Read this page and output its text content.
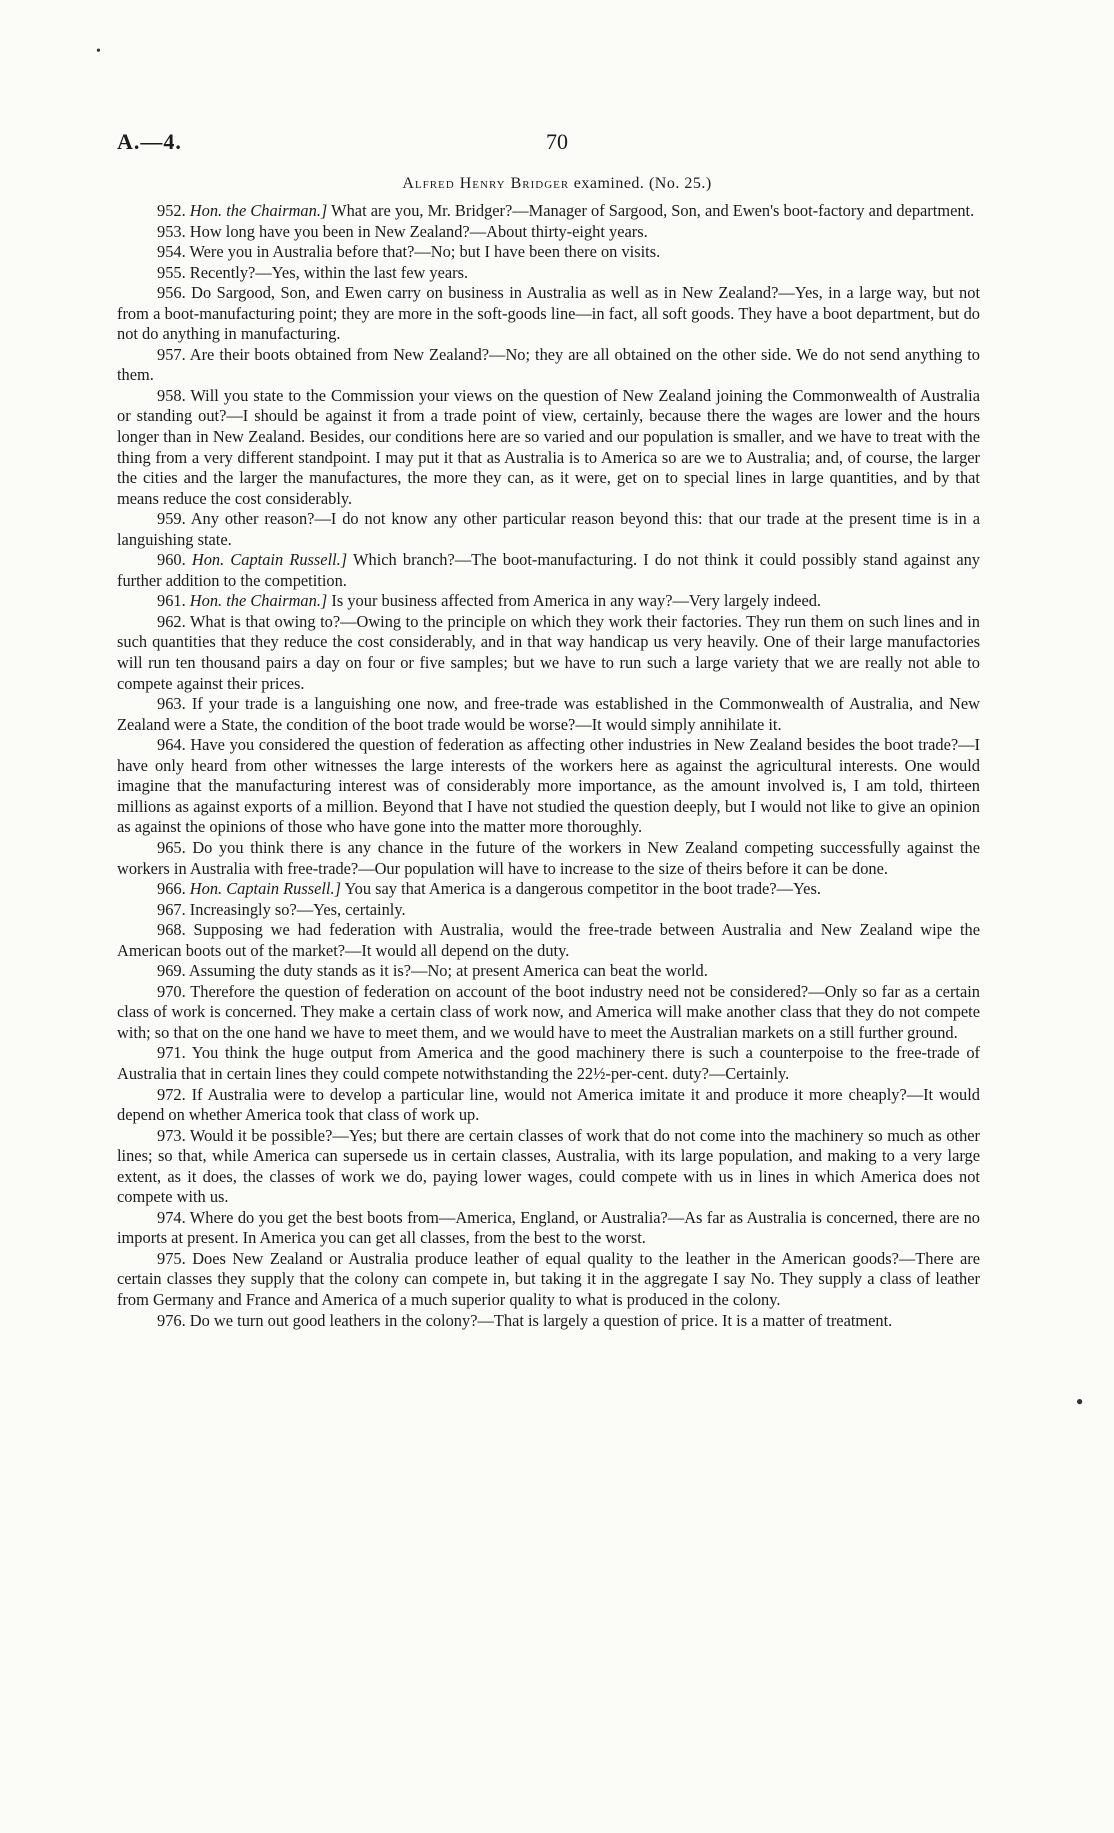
A.—4.	70
Alfred Henry Bridger examined. (No. 25.)

952. Hon. the Chairman.] What are you, Mr. Bridger?—Manager of Sargood, Son, and Ewen's boot-factory and department.

953. How long have you been in New Zealand?—About thirty-eight years.

954. Were you in Australia before that?—No; but I have been there on visits.

955. Recently?—Yes, within the last few years.

956. Do Sargood, Son, and Ewen carry on business in Australia as well as in New Zealand?—Yes, in a large way, but not from a boot-manufacturing point; they are more in the soft-goods line—in fact, all soft goods. They have a boot department, but do not do anything in manufacturing.

957. Are their boots obtained from New Zealand?—No; they are all obtained on the other side. We do not send anything to them.

958. Will you state to the Commission your views on the question of New Zealand joining the Commonwealth of Australia or standing out?—I should be against it from a trade point of view, certainly, because there the wages are lower and the hours longer than in New Zealand. Besides, our conditions here are so varied and our population is smaller, and we have to treat with the thing from a very different standpoint. I may put it that as Australia is to America so are we to Australia; and, of course, the larger the cities and the larger the manufactures, the more they can, as it were, get on to special lines in large quantities, and by that means reduce the cost considerably.

959. Any other reason?—I do not know any other particular reason beyond this: that our trade at the present time is in a languishing state.

960. Hon. Captain Russell.] Which branch?—The boot-manufacturing. I do not think it could possibly stand against any further addition to the competition.

961. Hon. the Chairman.] Is your business affected from America in any way?—Very largely indeed.

962. What is that owing to?—Owing to the principle on which they work their factories. They run them on such lines and in such quantities that they reduce the cost considerably, and in that way handicap us very heavily. One of their large manufactories will run ten thousand pairs a day on four or five samples; but we have to run such a large variety that we are really not able to compete against their prices.

963. If your trade is a languishing one now, and free-trade was established in the Commonwealth of Australia, and New Zealand were a State, the condition of the boot trade would be worse?—It would simply annihilate it.

964. Have you considered the question of federation as affecting other industries in New Zealand besides the boot trade?—I have only heard from other witnesses the large interests of the workers here as against the agricultural interests. One would imagine that the manufacturing interest was of considerably more importance, as the amount involved is, I am told, thirteen millions as against exports of a million. Beyond that I have not studied the question deeply, but I would not like to give an opinion as against the opinions of those who have gone into the matter more thoroughly.

965. Do you think there is any chance in the future of the workers in New Zealand competing successfully against the workers in Australia with free-trade?—Our population will have to increase to the size of theirs before it can be done.

966. Hon. Captain Russell.] You say that America is a dangerous competitor in the boot trade?—Yes.

967. Increasingly so?—Yes, certainly.

968. Supposing we had federation with Australia, would the free-trade between Australia and New Zealand wipe the American boots out of the market?—It would all depend on the duty.

969. Assuming the duty stands as it is?—No; at present America can beat the world.

970. Therefore the question of federation on account of the boot industry need not be considered?—Only so far as a certain class of work is concerned. They make a certain class of work now, and America will make another class that they do not compete with; so that on the one hand we have to meet them, and we would have to meet the Australian markets on a still further ground.

971. You think the huge output from America and the good machinery there is such a counterpoise to the free-trade of Australia that in certain lines they could compete notwithstanding the 22½-per-cent. duty?—Certainly.

972. If Australia were to develop a particular line, would not America imitate it and produce it more cheaply?—It would depend on whether America took that class of work up.

973. Would it be possible?—Yes; but there are certain classes of work that do not come into the machinery so much as other lines; so that, while America can supersede us in certain classes, Australia, with its large population, and making to a very large extent, as it does, the classes of work we do, paying lower wages, could compete with us in lines in which America does not compete with us.

974. Where do you get the best boots from—America, England, or Australia?—As far as Australia is concerned, there are no imports at present. In America you can get all classes, from the best to the worst.

975. Does New Zealand or Australia produce leather of equal quality to the leather in the American goods?—There are certain classes they supply that the colony can compete in, but taking it in the aggregate I say No. They supply a class of leather from Germany and France and America of a much superior quality to what is produced in the colony.

976. Do we turn out good leathers in the colony?—That is largely a question of price. It is a matter of treatment.

•
●
